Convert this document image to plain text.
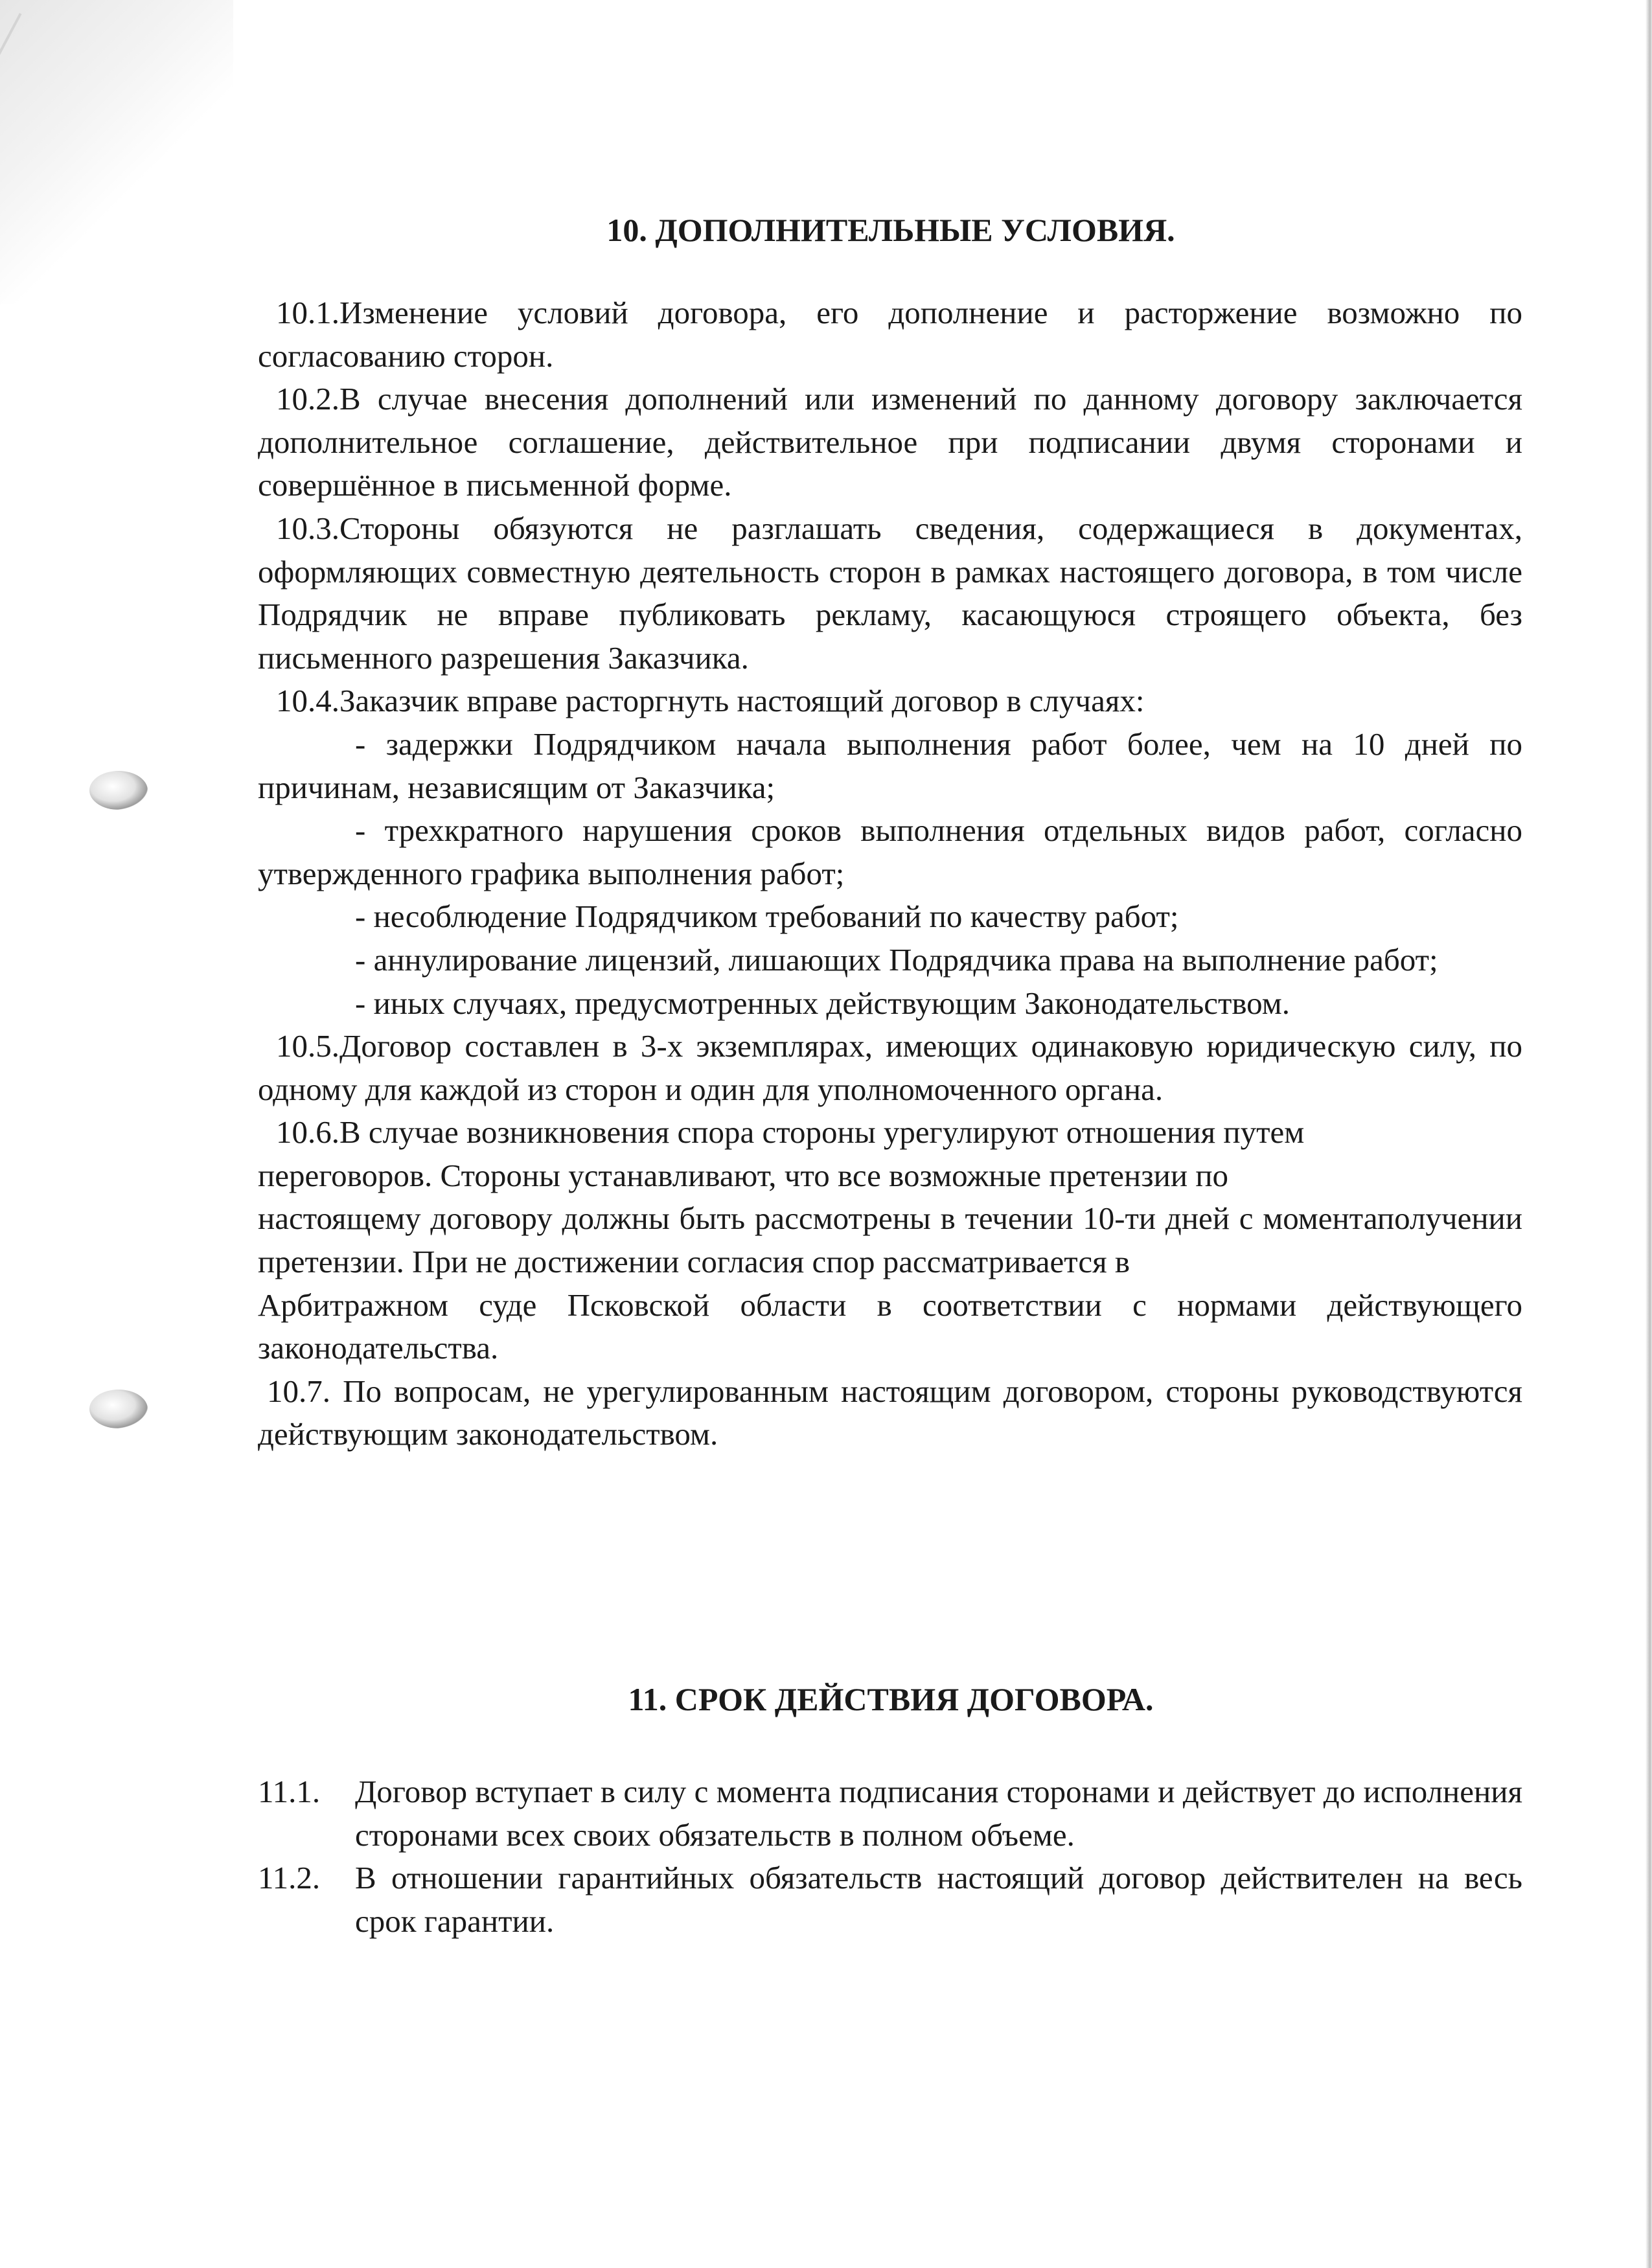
10. ДОПОЛНИТЕЛЬНЫЕ УСЛОВИЯ.

10.1.Изменение условий договора, его дополнение и расторжение возможно по согласованию сторон.

10.2.В случае внесения дополнений или изменений по данному договору заключается дополнительное соглашение, действительное при подписании двумя сторонами и совершённое в письменной форме.

10.3.Стороны обязуются не разглашать сведения, содержащиеся в документах, оформляющих совместную деятельность сторон в рамках настоящего договора, в том числе Подрядчик не вправе публиковать рекламу, касающуюся строящего объекта, без письменного разрешения Заказчика.

10.4.Заказчик вправе расторгнуть настоящий договор в случаях:

- задержки Подрядчиком начала выполнения работ более, чем на 10 дней по причинам, независящим от Заказчика;

- трехкратного нарушения сроков выполнения отдельных видов работ, согласно утвержденного графика выполнения работ;

- несоблюдение Подрядчиком требований по качеству работ;

- аннулирование лицензий, лишающих Подрядчика права на выполнение работ;

- иных случаях, предусмотренных действующим Законодательством.

10.5.Договор составлен в 3-х экземплярах, имеющих одинаковую юридическую силу, по одному для каждой из сторон и один для уполномоченного органа.

10.6.В случае возникновения спора стороны урегулируют отношения путем

переговоров. Стороны устанавливают, что все возможные претензии по

настоящему договору должны быть рассмотрены в течении 10-ти дней с моментаполучении претензии. При не достижении согласия спор рассматривается в

Арбитражном суде Псковской области в соответствии с нормами действующего законодательства.

10.7. По вопросам, не урегулированным настоящим договором, стороны руководствуются действующим законодательством.

11. СРОК ДЕЙСТВИЯ ДОГОВОРА.
11.1.	Договор вступает в силу с момента подписания сторонами и действует до исполнения сторонами всех своих обязательств в полном объеме.
11.2.	В отношении гарантийных обязательств настоящий договор действителен на весь срок гарантии.
